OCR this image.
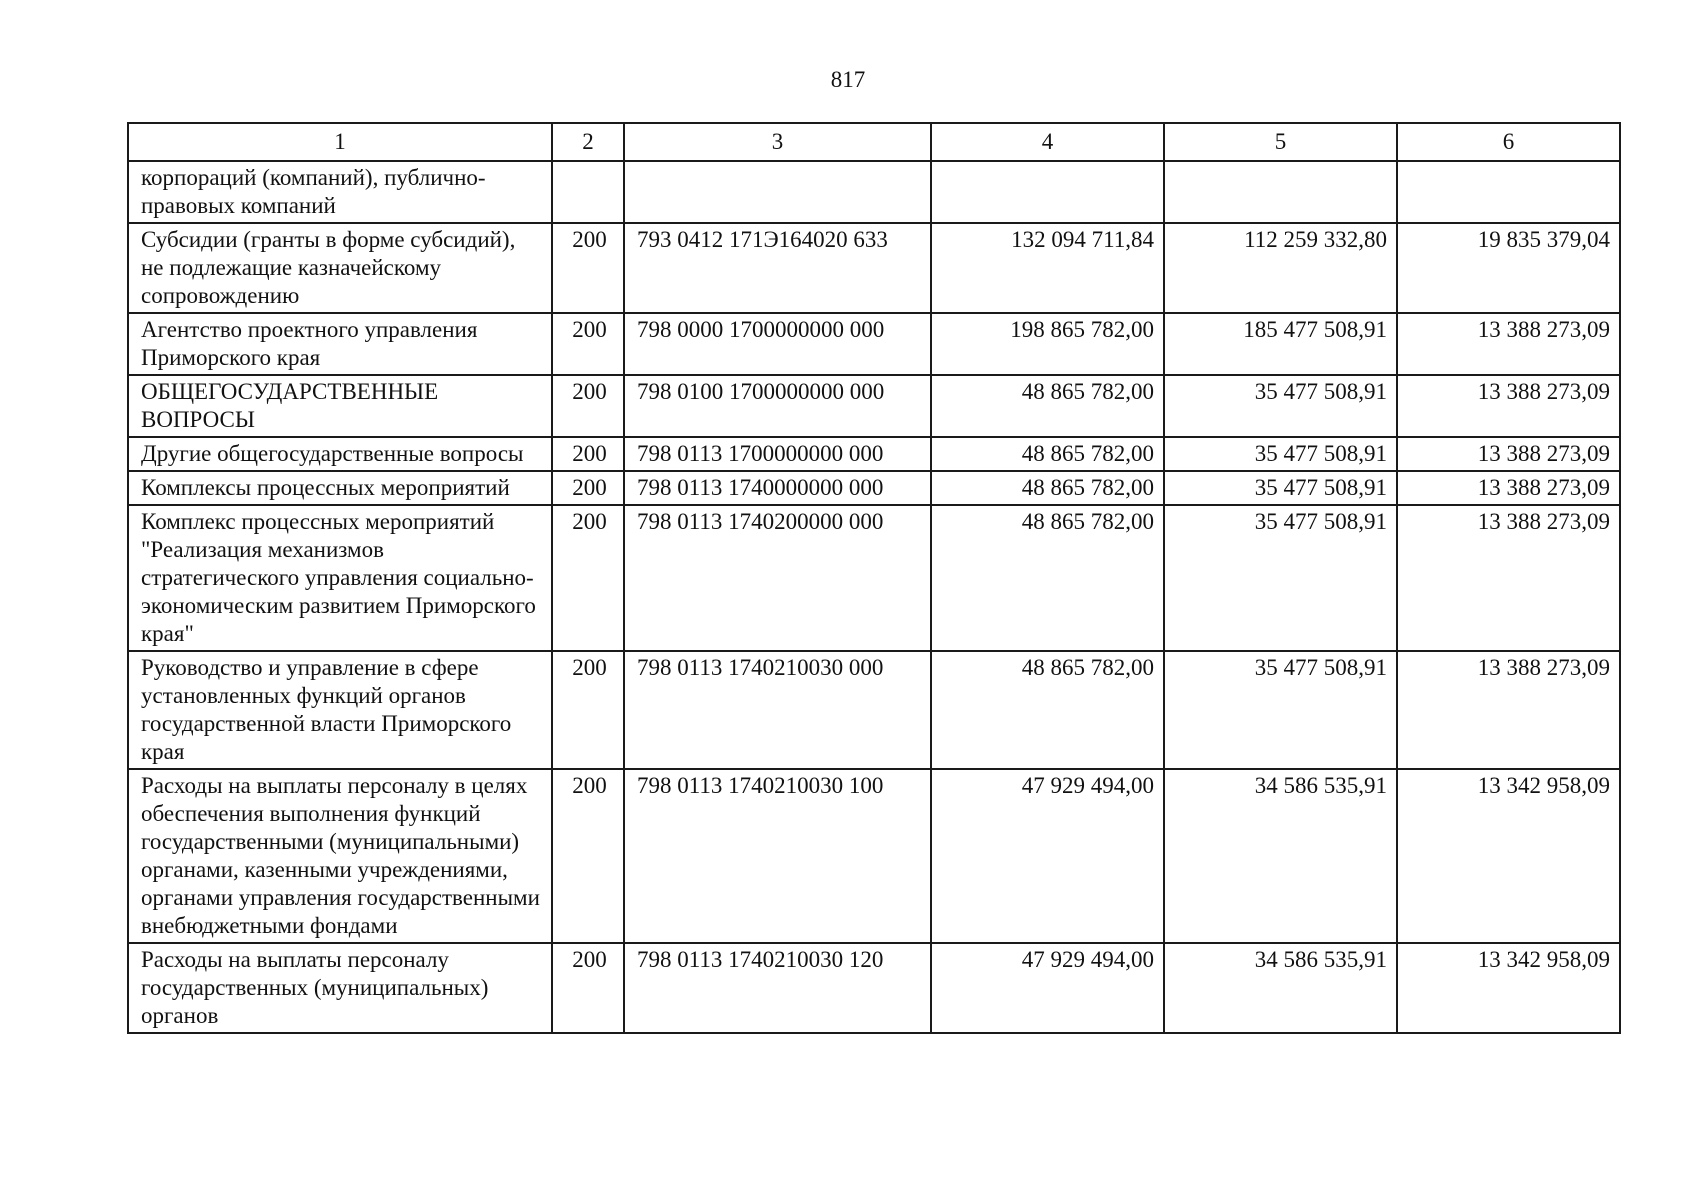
817
1	2	3	4	5	6
корпораций (компаний), публично-правовых компаний					
Субсидии (гранты в форме субсидий), не подлежащие казначейскому сопровождению	200	793 0412 171Э164020 633	132 094 711,84	112 259 332,80	19 835 379,04
Агентство проектного управления Приморского края	200	798 0000 1700000000 000	198 865 782,00	185 477 508,91	13 388 273,09
ОБЩЕГОСУДАРСТВЕННЫЕ ВОПРОСЫ	200	798 0100 1700000000 000	48 865 782,00	35 477 508,91	13 388 273,09
Другие общегосударственные вопросы	200	798 0113 1700000000 000	48 865 782,00	35 477 508,91	13 388 273,09
Комплексы процессных мероприятий	200	798 0113 1740000000 000	48 865 782,00	35 477 508,91	13 388 273,09
Комплекс процессных мероприятий "Реализация механизмов стратегического управления социально-экономическим развитием Приморского края"	200	798 0113 1740200000 000	48 865 782,00	35 477 508,91	13 388 273,09
Руководство и управление в сфере установленных функций органов государственной власти Приморского края	200	798 0113 1740210030 000	48 865 782,00	35 477 508,91	13 388 273,09
Расходы на выплаты персоналу в целях обеспечения выполнения функций государственными (муниципальными) органами, казенными учреждениями, органами управления государственными внебюджетными фондами	200	798 0113 1740210030 100	47 929 494,00	34 586 535,91	13 342 958,09
Расходы на выплаты персоналу государственных (муниципальных) органов	200	798 0113 1740210030 120	47 929 494,00	34 586 535,91	13 342 958,09
